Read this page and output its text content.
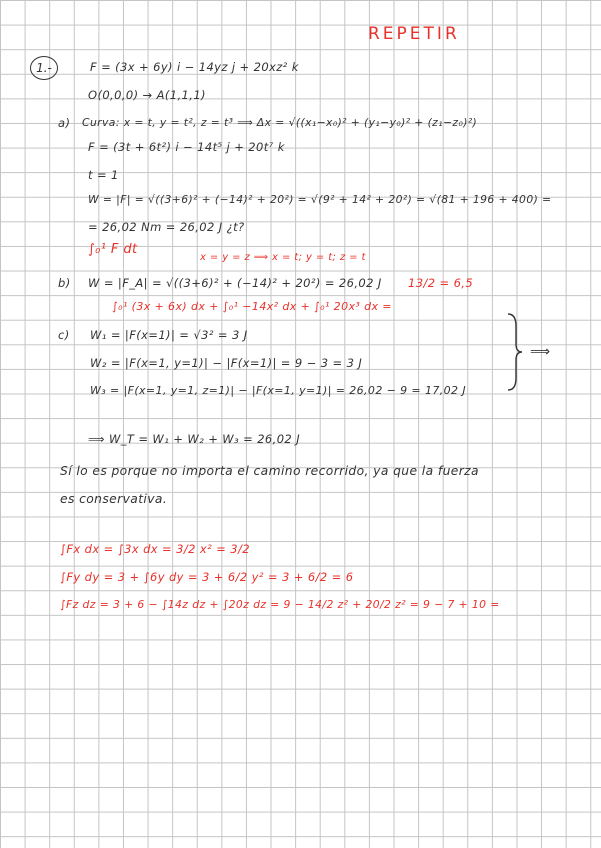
REPETIR
1.-	F = (3x + 6y) i − 14yz j + 20xz² k
O(0,0,0) → A(1,1,1)
a) Curva: x = t, y = t², z = t³ ⟹ Δx = √((x₁−x₀)² + (y₁−y₀)² + (z₁−z₀)²)
F = (3t + 6t²) i − 14t⁵ j + 20t⁷ k
t = 1
W = |F| = √((3+6)² + (−14)² + 20²) = √(9² + 14² + 20²) = √(81 + 196 + 400) =
= 26,02 Nm = 26,02 J ¿t?
∫₀¹ F dt
x = y = z ⟹ x = t; y = t; z = t
b) W = |F_A| = √((3+6)² + (−14)² + 20²) = 26,02 J 13/2 = 6,5
∫₀¹ (3x + 6x) dx + ∫₀¹ −14x² dx + ∫₀¹ 20x³ dx =
c) W₁ = |F(x=1)| = √3² = 3 J
W₂ = |F(x=1, y=1)| − |F(x=1)| = 9 − 3 = 3 J
W₃ = |F(x=1, y=1, z=1)| − |F(x=1, y=1)| = 26,02 − 9 = 17,02 J
⟹
⟹ W_T = W₁ + W₂ + W₃ = 26,02 J
Sí lo es porque no importa el camino recorrido, ya que la fuerza
es conservativa.
∫Fx dx = ∫3x dx = 3/2 x² = 3/2
∫Fy dy = 3 + ∫6y dy = 3 + 6/2 y² = 3 + 6/2 = 6
∫Fz dz = 3 + 6 − ∫14z dz + ∫20z dz = 9 − 14/2 z² + 20/2 z² = 9 − 7 + 10 =
